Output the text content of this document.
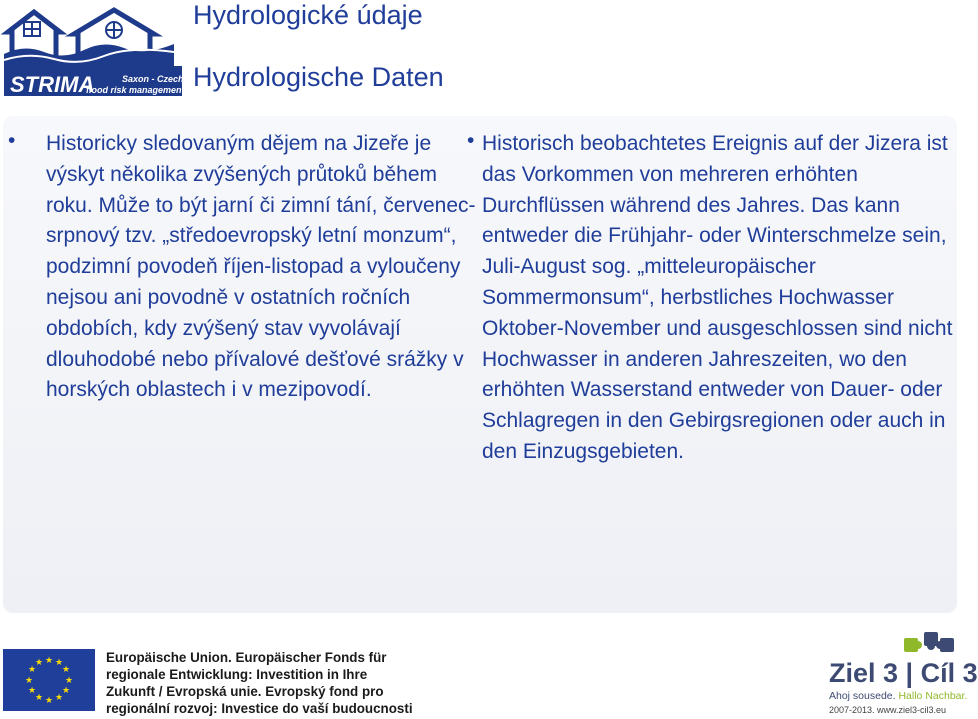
STRIMA	Saxon - Czech
flood risk management
Hydrologické údaje
Hydrologische Daten
• Historicky sledovaným dějem na Jizeře je výskyt několika zvýšených průtoků během roku. Může to být jarní či zimní tání, červenec-srpnový tzv. „středoevropský letní monzum“, podzimní povodeň říjen-listopad a vyloučeny nejsou ani povodně v ostatních ročních obdobích, kdy zvýšený stav vyvolávají dlouhodobé nebo přívalové dešťové srážky v horských oblastech i v mezipovodí.
• Historisch beobachtetes Ereignis auf der Jizera ist das Vorkommen von mehreren erhöhten Durchflüssen während des Jahres. Das kann entweder die Frühjahr- oder Winterschmelze sein, Juli-August sog. „mitteleuropäischer Sommermonsum“, herbstliches Hochwasser Oktober-November und ausgeschlossen sind nicht Hochwasser in anderen Jahreszeiten, wo den erhöhten Wasserstand entweder von Dauer- oder Schlagregen in den Gebirgsregionen oder auch in den Einzugsgebieten.
★ ★
★
★
★
★
★
★
★
★
★
★	Europäische Union. Europäischer Fonds für
regionale Entwicklung: Investition in Ihre
Zukunft / Evropská unie. Evropský fond pro
regionální rozvoj: Investice do vaší budoucnosti
Ziel 3 | Cíl 3
Ahoj sousede. Hallo Nachbar.
2007-2013. www.ziel3-cil3.eu
